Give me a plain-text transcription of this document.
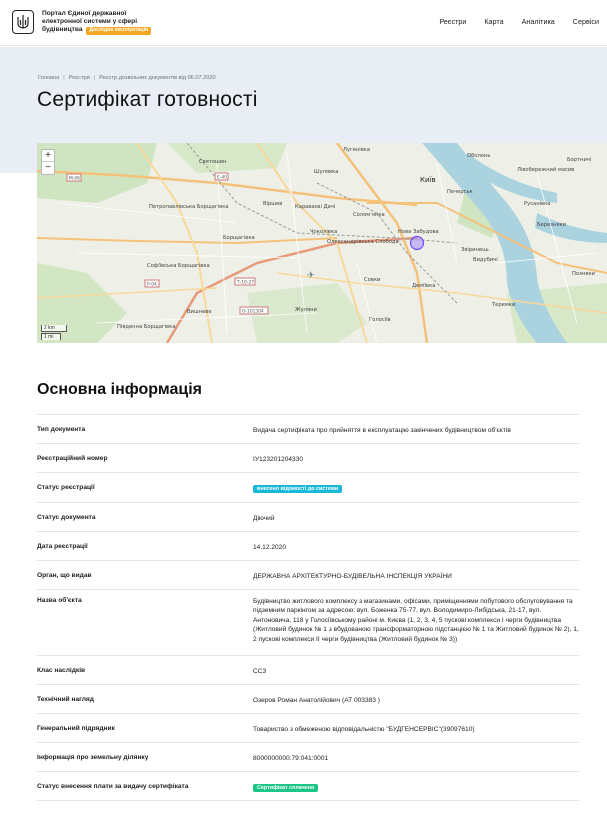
Портал Єдиної державної електронної системи у сфері будівництва Дослідна експлуатація
Реєстри	Карта	Аналітика	Сервіси
Головна | Реєстри | Реєстр дозвільних документів від 06.07.2020
Сертифікат готовності
Лугенівка
Київ
Лівобережний масив
Святошин
Шулявка
Бортничі
Петропавлівська Борщагівка	Віршев Караваєві Дачі
Соломʼянка
Печерськ
Русанівка
Борщагівка
Чоколівка
Олександрівська Слобода
Нова Забудова
Звіринець
Березняки
Софіївська Борщагівка
Видубичі
Совки
Деміївка
Вишневе	Жуляни
Голосіїв
Південна Борщагівка
Теремки
Оболонь
Позняки
М-06	Е-40
Р-04	Т-10-27
О-101304
✈
+
−
2 km
1 mi
Основна інформація
Тип документа	Видача сертифіката про прийняття в експлуатацію закінчених будівництвом об'єктів
Реєстраційний номер	ІУ123201204330
Статус реєстрації	внесено відомості до системи
Статус документа	Діючий
Дата реєстрації	14.12.2020
Орган, що видав	ДЕРЖАВНА АРХІТЕКТУРНО-БУДІВЕЛЬНА ІНСПЕКЦІЯ УКРАЇНИ
Назва об'єкта	Будівництво житлового комплексу з магазинами, офісами, приміщеннями побутового обслуговування та підземним паркінгом за адресою: вул. Боженка 75-77, вул. Володимиро-Либідська, 21-17, вул. Антоновича, 118 у Голосіївському районі м. Києва (1, 2, 3, 4, 5 пускові комплекси І черги будівництва (Житловий будинок № 1 з вбудованою трансформаторною підстанцією № 1 та Житловий будинок № 2), 1, 2 пускові комплекси ІІ черги будівництва (Житловий будинок № 3))
Клас наслідків	СС3
Технічний нагляд	Озеров Роман Анатолійович (АТ 003383 )
Генеральний підрядник	Товариство з обмеженою відповідальністю "БУДГЕНСЕРВІС"(39097610)
Інформація про земельну ділянку	8000000000:79:041:0001
Статус внесення плати за видачу сертифіката	Сертифікат сплачено
